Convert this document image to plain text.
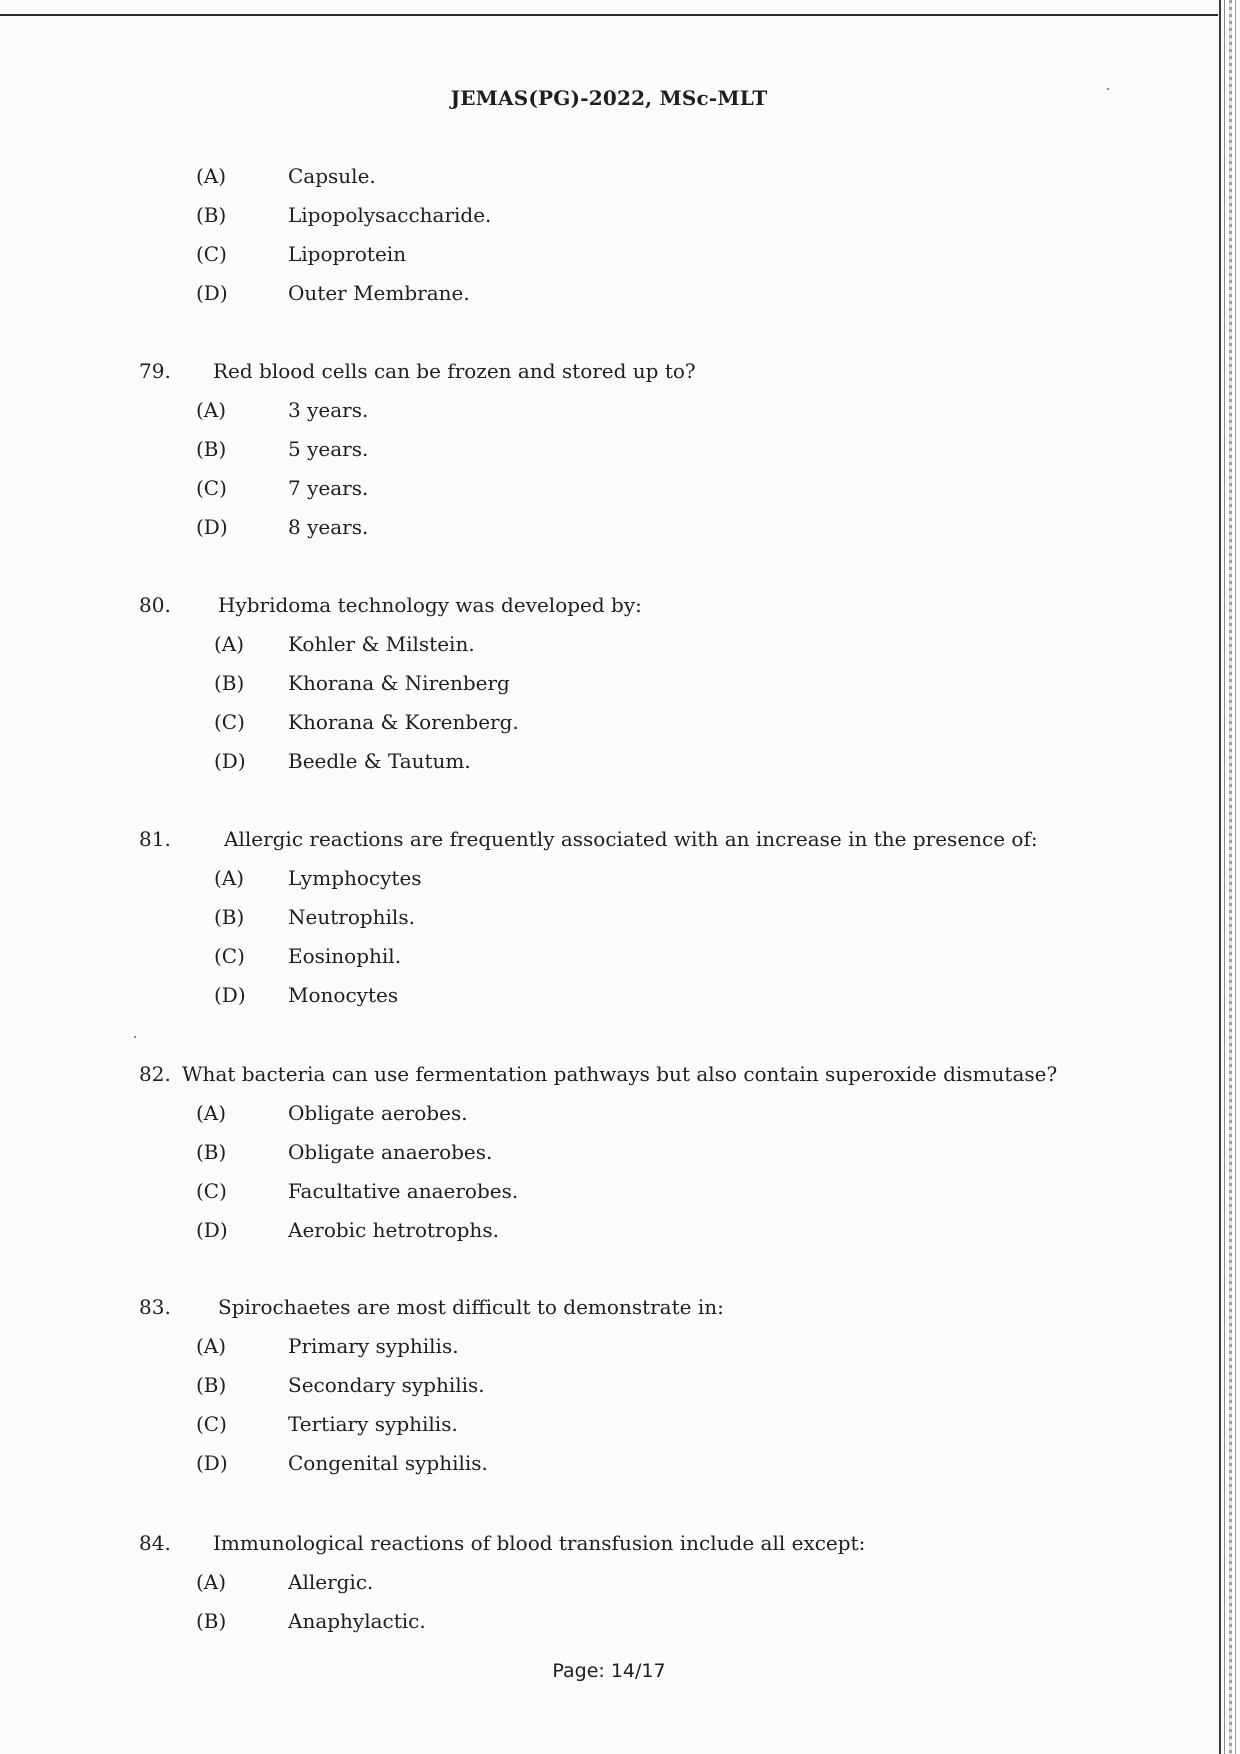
JEMAS(PG)-2022, MSc-MLT
(A)	Capsule.
(B)	Lipopolysaccharide.
(C)	Lipoprotein
(D)	Outer Membrane.
79. Red blood cells can be frozen and stored up to?
(A)	3 years.
(B)	5 years.
(C)	7 years.
(D)	8 years.
80. Hybridoma technology was developed by:
(A) Kohler & Milstein.
(B) Khorana & Nirenberg
(C) Khorana & Korenberg.
(D) Beedle & Tautum.
81.	Allergic reactions are frequently associated with an increase in the presence of:
(A) Lymphocytes
(B) Neutrophils.
(C) Eosinophil.
(D) Monocytes
82. What bacteria can use fermentation pathways but also contain superoxide dismutase?
(A)	Obligate aerobes.
(B)	Obligate anaerobes.
(C)	Facultative anaerobes.
(D)	Aerobic hetrotrophs.
83. Spirochaetes are most difficult to demonstrate in:
(A)	Primary syphilis.
(B)	Secondary syphilis.
(C)	Tertiary syphilis.
(D)	Congenital syphilis.
84. Immunological reactions of blood transfusion include all except:
(A)	Allergic.
(B)	Anaphylactic.
Page: 14/17
